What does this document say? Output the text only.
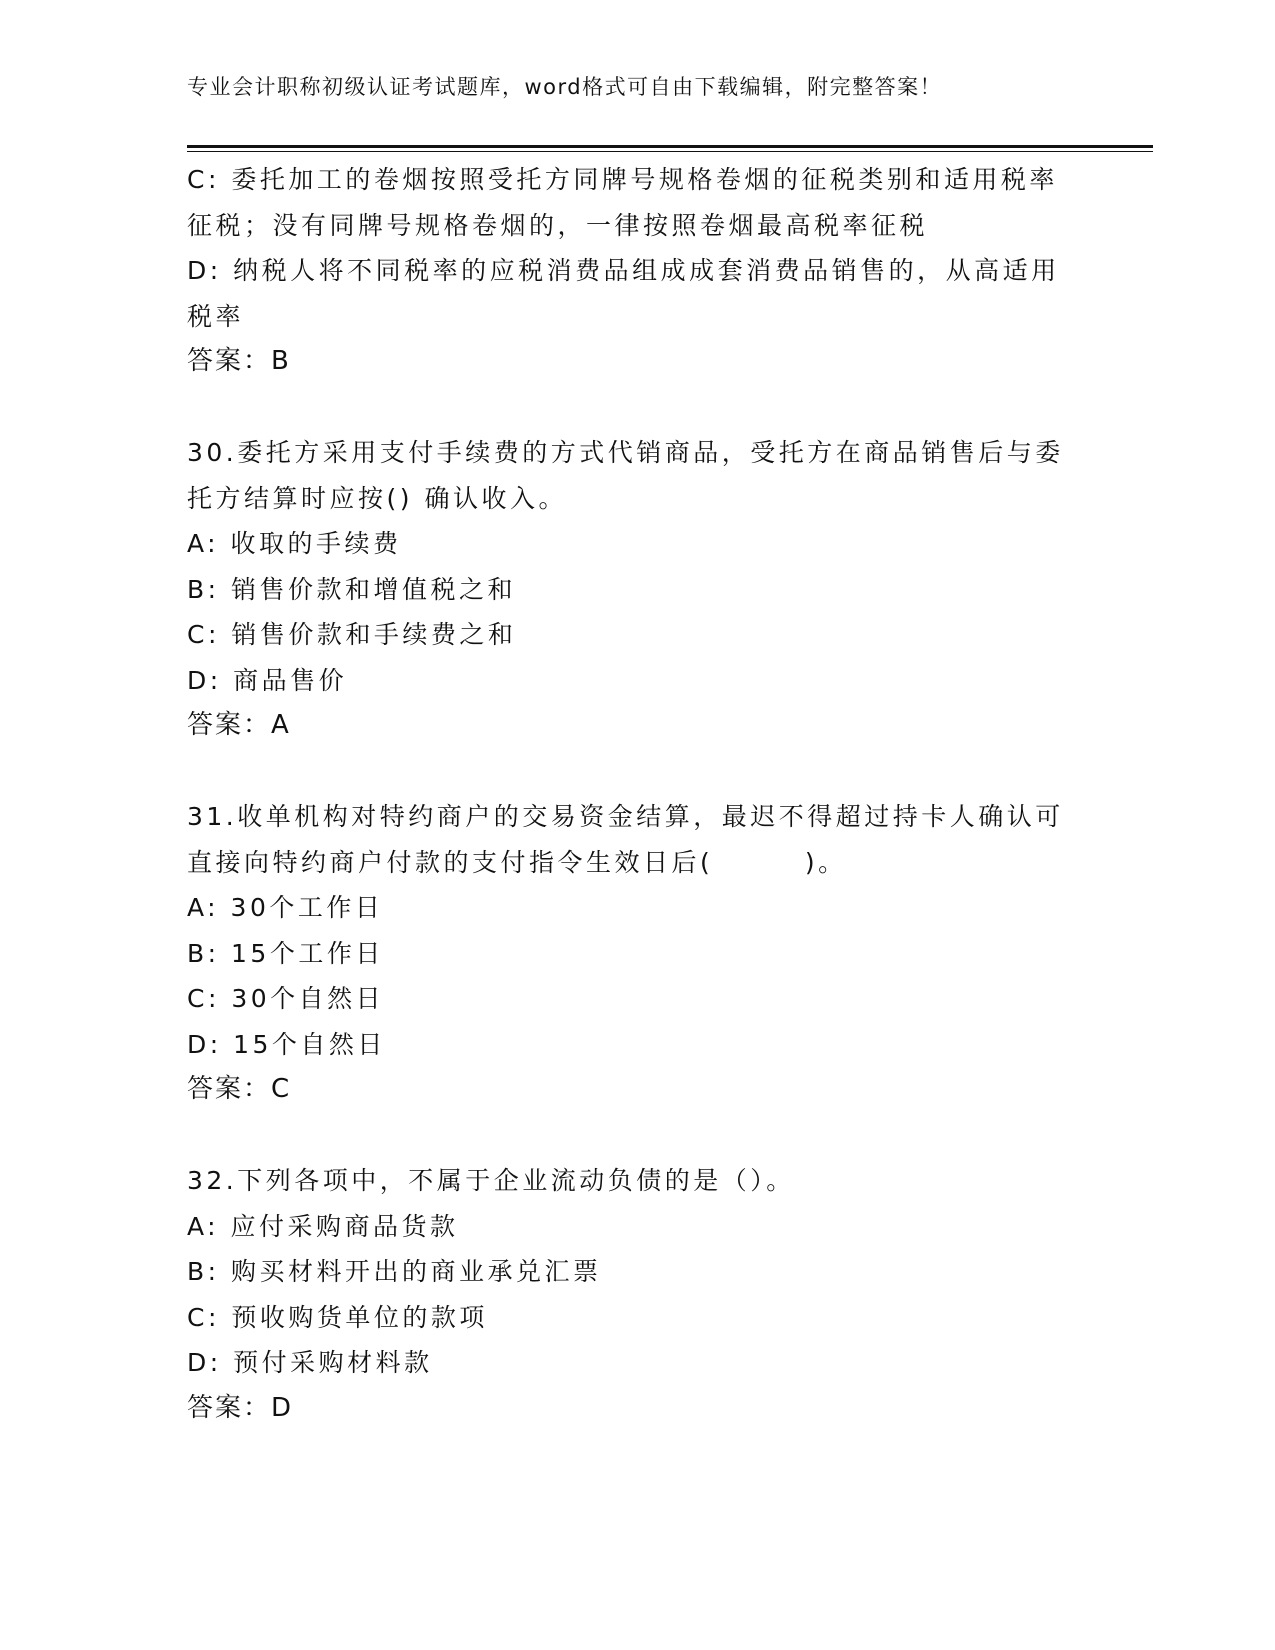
专业会计职称初级认证考试题库，word格式可自由下载编辑，附完整答案！
C: 委托加工的卷烟按照受托方同牌号规格卷烟的征税类别和适用税率
征税；没有同牌号规格卷烟的，一律按照卷烟最高税率征税
D: 纳税人将不同税率的应税消费品组成成套消费品销售的，从高适用
税率
答案：B
30.委托方采用支付手续费的方式代销商品，受托方在商品销售后与委
托方结算时应按() 确认收入。
A: 收取的手续费
B: 销售价款和增值税之和
C: 销售价款和手续费之和
D: 商品售价
答案：A
31.收单机构对特约商户的交易资金结算，最迟不得超过持卡人确认可
直接向特约商户付款的支付指令生效日后(        )。
A: 30个工作日
B: 15个工作日
C: 30个自然日
D: 15个自然日
答案：C
32.下列各项中，不属于企业流动负债的是（）。
A: 应付采购商品货款
B: 购买材料开出的商业承兑汇票
C: 预收购货单位的款项
D: 预付采购材料款
答案：D
